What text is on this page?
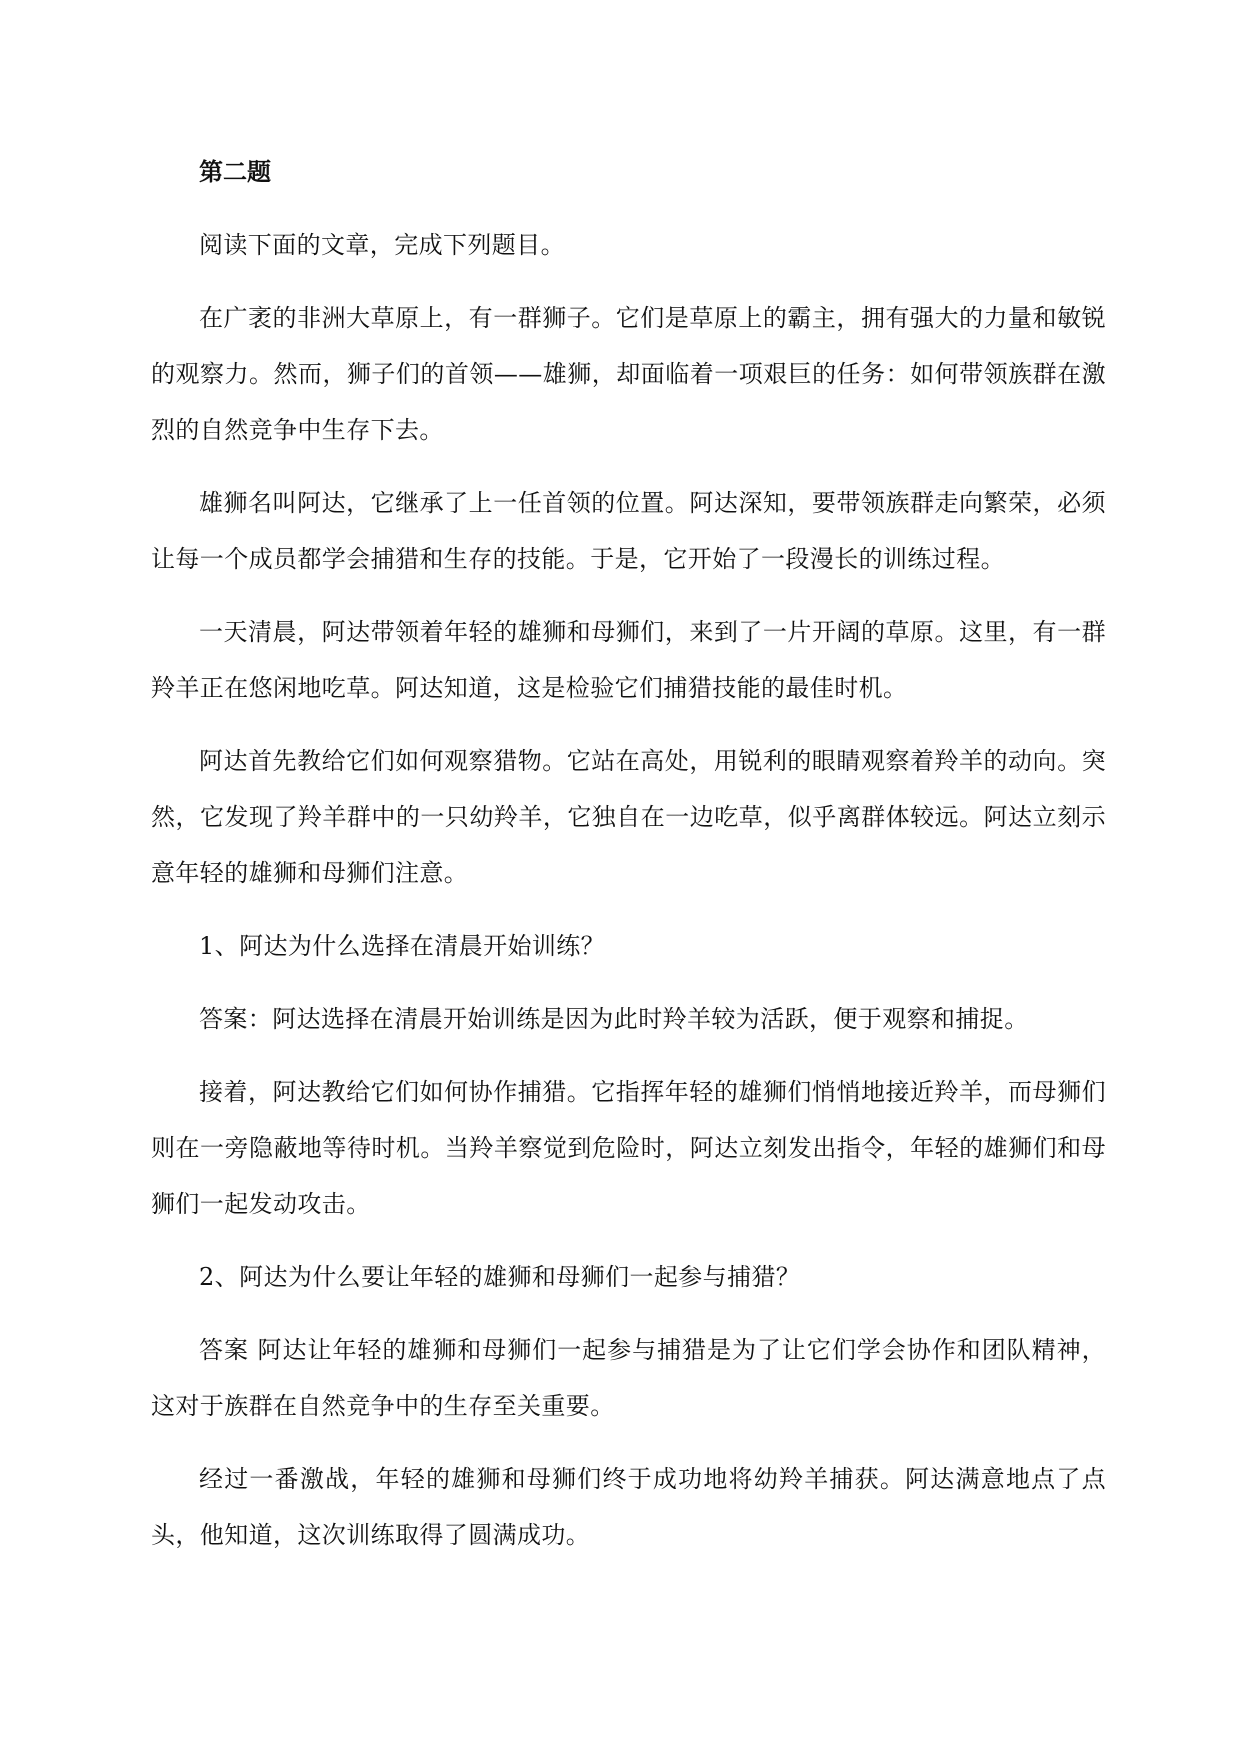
第二题

阅读下面的文章，完成下列题目。

在广袤的非洲大草原上，有一群狮子。它们是草原上的霸主，拥有强大的力量和敏锐的观察力。然而，狮子们的首领——雄狮，却面临着一项艰巨的任务：如何带领族群在激烈的自然竞争中生存下去。

雄狮名叫阿达，它继承了上一任首领的位置。阿达深知，要带领族群走向繁荣，必须让每一个成员都学会捕猎和生存的技能。于是，它开始了一段漫长的训练过程。

一天清晨，阿达带领着年轻的雄狮和母狮们，来到了一片开阔的草原。这里，有一群羚羊正在悠闲地吃草。阿达知道，这是检验它们捕猎技能的最佳时机。

阿达首先教给它们如何观察猎物。它站在高处，用锐利的眼睛观察着羚羊的动向。突然，它发现了羚羊群中的一只幼羚羊，它独自在一边吃草，似乎离群体较远。阿达立刻示意年轻的雄狮和母狮们注意。

1、阿达为什么选择在清晨开始训练？

答案：阿达选择在清晨开始训练是因为此时羚羊较为活跃，便于观察和捕捉。

接着，阿达教给它们如何协作捕猎。它指挥年轻的雄狮们悄悄地接近羚羊，而母狮们则在一旁隐蔽地等待时机。当羚羊察觉到危险时，阿达立刻发出指令，年轻的雄狮们和母狮们一起发动攻击。

2、阿达为什么要让年轻的雄狮和母狮们一起参与捕猎？

答案 阿达让年轻的雄狮和母狮们一起参与捕猎是为了让它们学会协作和团队精神，这对于族群在自然竞争中的生存至关重要。

经过一番激战，年轻的雄狮和母狮们终于成功地将幼羚羊捕获。阿达满意地点了点头，他知道，这次训练取得了圆满成功。
